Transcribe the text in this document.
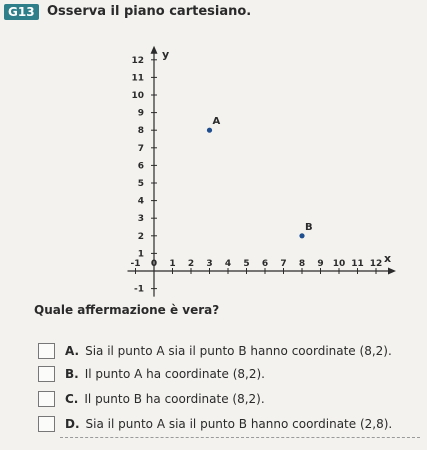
G13 Osserva il piano cartesiano.
x
y
-1 0 1 2 3 4 5 6 7 8 9 10 11 12
-1
1
2
3
4
5
6
7
8
9
10
11
12
A
B
Quale affermazione è vera?
A. Sia il punto A sia il punto B hanno coordinate (8,2).
B. Il punto A ha coordinate (8,2).
C. Il punto B ha coordinate (8,2).
D. Sia il punto A sia il punto B hanno coordinate (2,8).
